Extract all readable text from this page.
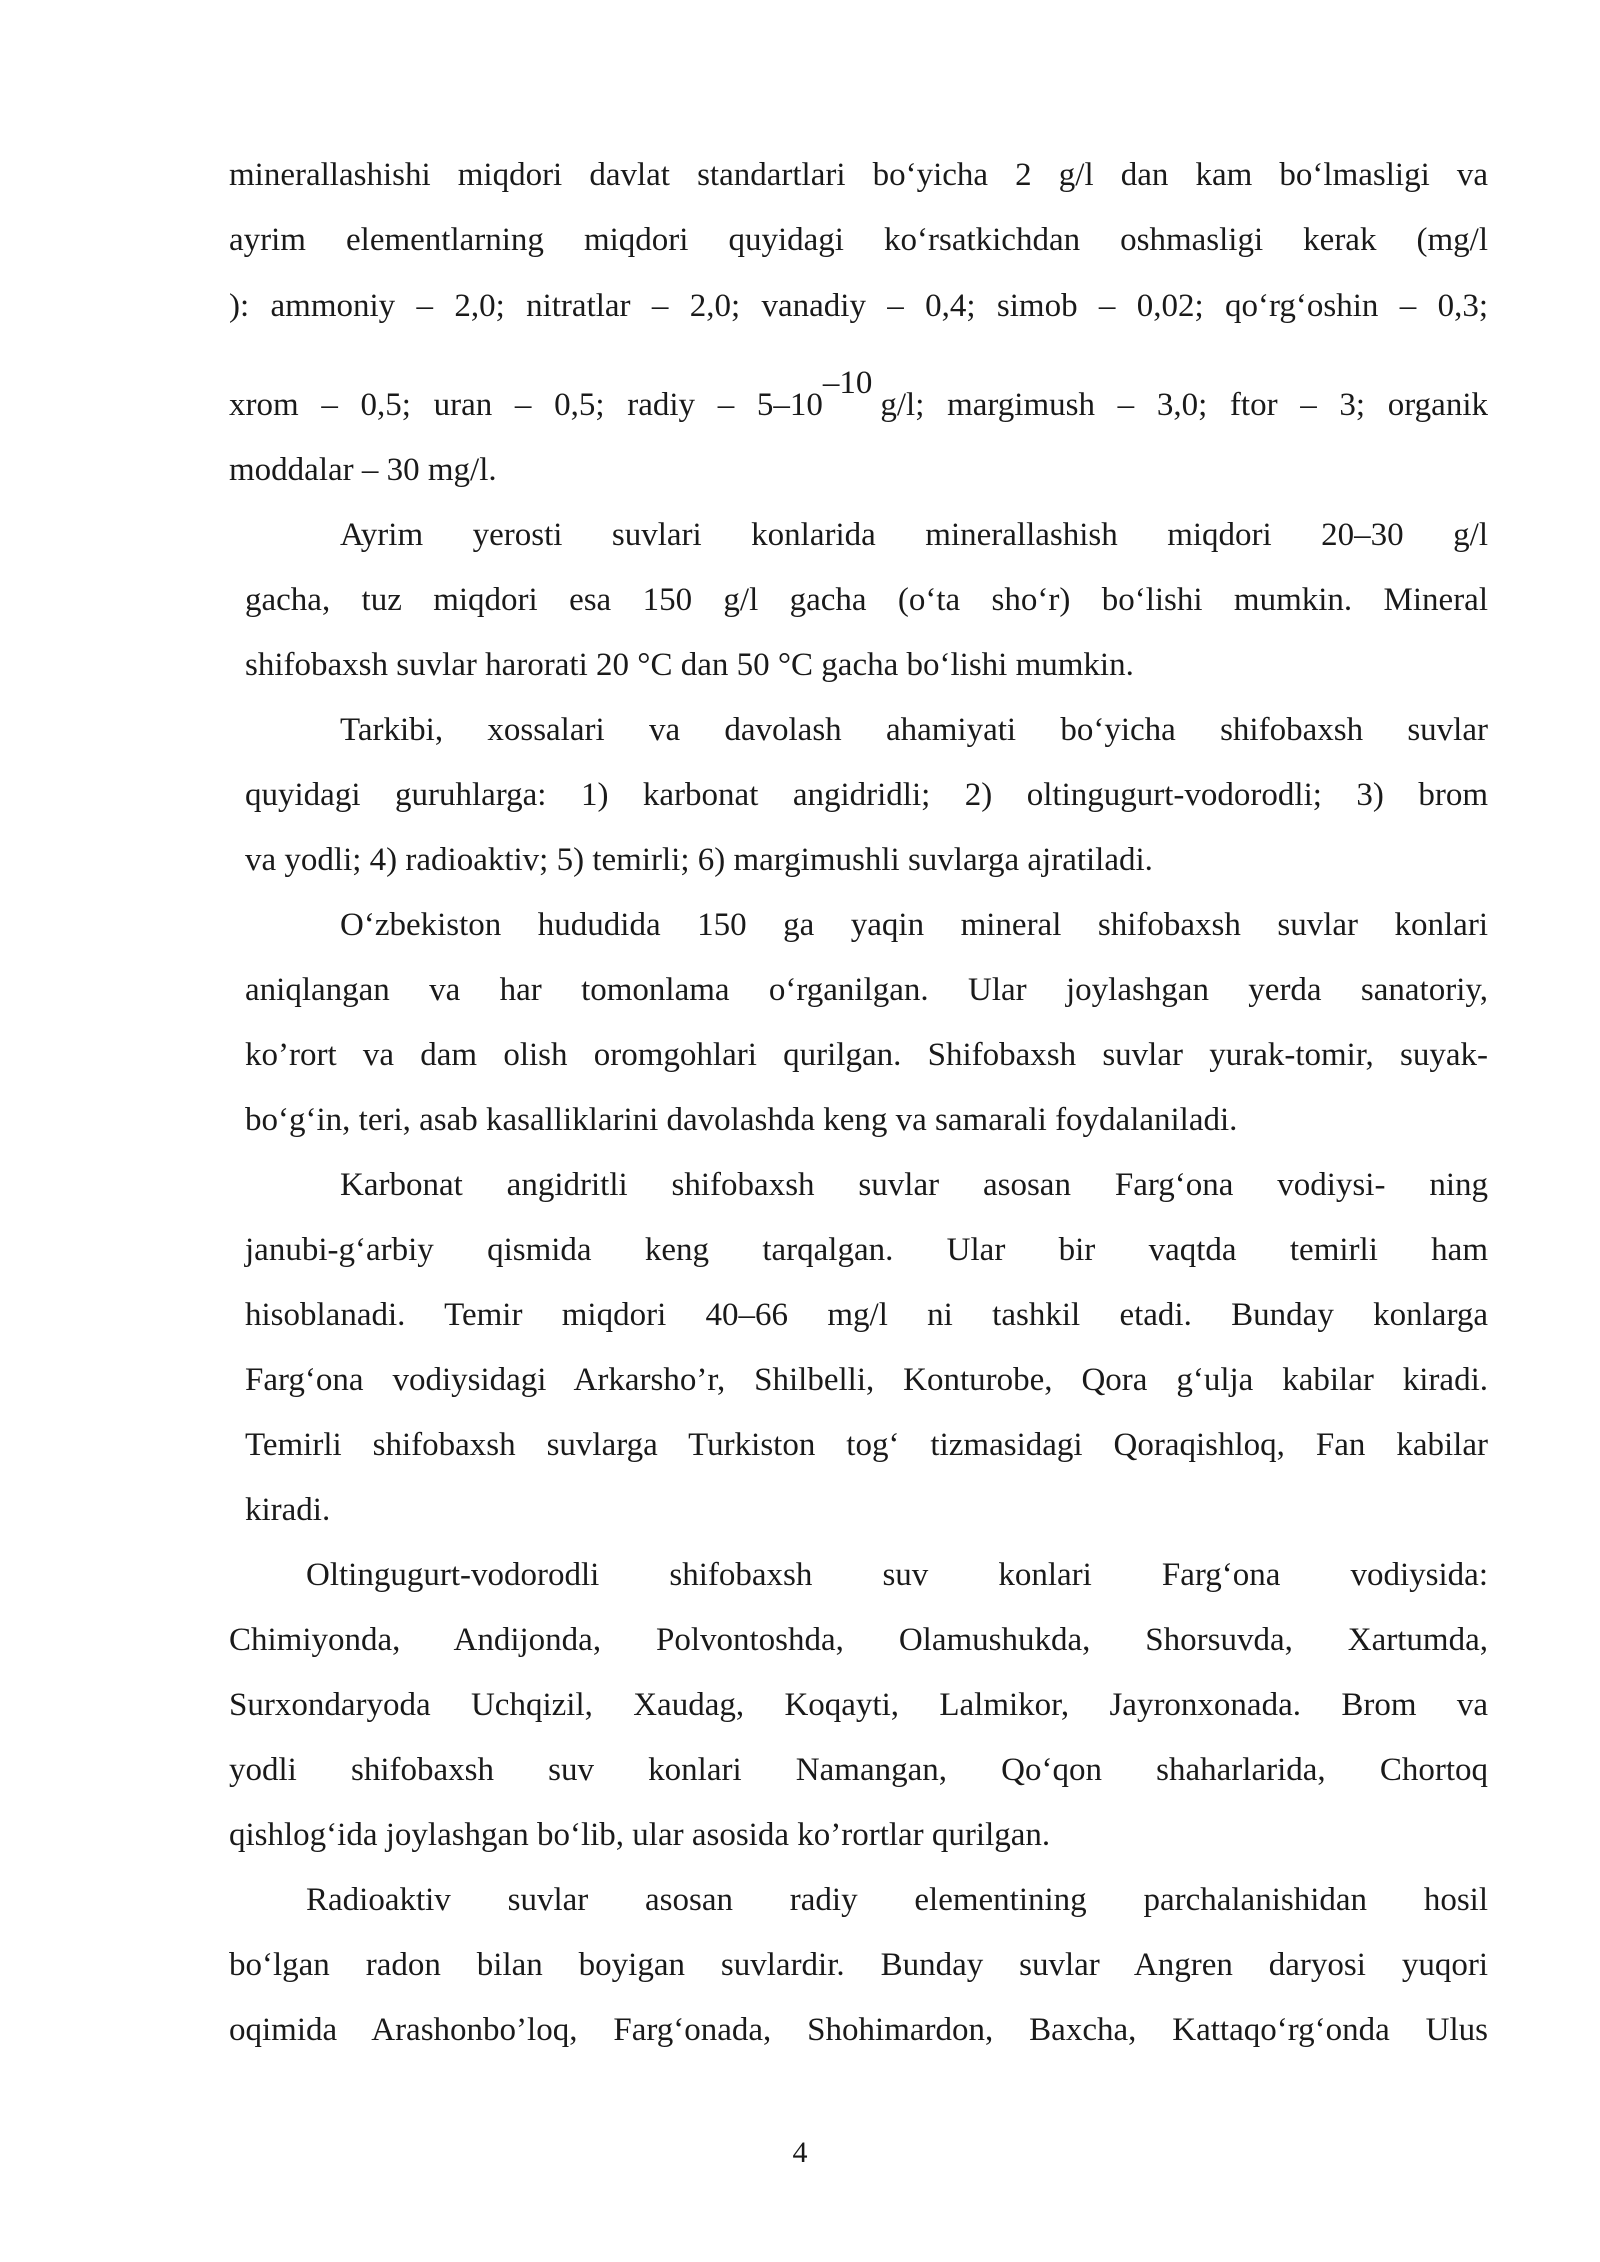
minerallashishi miqdori davlat standartlari bo‘yicha 2 g/l dan kam bo‘lmasligi va
ayrim elementlarning miqdori quyidagi ko‘rsatkichdan oshmasligi kerak (mg/l
): ammoniy – 2,0; nitratlar – 2,0; vanadiy – 0,4; simob – 0,02; qo‘rg‘oshin – 0,3;
xrom – 0,5; uran – 0,5; radiy – 5–10–10g/l; margimush – 3,0; ftor – 3; organik
moddalar – 30 mg/l.
Ayrim yerosti suvlari konlarida minerallashish miqdori 20–30 g/l
gacha, tuz miqdori esa 150 g/l gacha (o‘ta sho‘r) bo‘lishi mumkin. Mineral
shifobaxsh suvlar harorati 20 °C dan 50 °C gacha bo‘lishi mumkin.
Tarkibi, xossalari va davolash ahamiyati bo‘yicha shifobaxsh suvlar
quyidagi guruhlarga: 1) karbonat angidridli; 2) oltingugurt-vodorodli; 3) brom
va yodli; 4) radioaktiv; 5) temirli; 6) margimushli suvlarga ajratiladi.
O‘zbekiston hududida 150 ga yaqin mineral shifobaxsh suvlar konlari
aniqlangan va har tomonlama o‘rganilgan. Ular joylashgan yerda sanatoriy,
ko’rort va dam olish oromgohlari qurilgan. Shifobaxsh suvlar yurak-tomir, suyak-
bo‘g‘in, teri, asab kasalliklarini davolashda keng va samarali foydalaniladi.
Karbonat angidritli shifobaxsh suvlar asosan Farg‘ona vodiysi- ning
janubi-g‘arbiy qismida keng tarqalgan. Ular bir vaqtda temirli ham
hisoblanadi. Temir miqdori 40–66 mg/l ni tashkil etadi. Bunday konlarga
Farg‘ona vodiysidagi Arkarsho’r, Shilbelli, Konturobe, Qora g‘ulja kabilar kiradi.
Temirli shifobaxsh suvlarga Turkiston tog‘ tizmasidagi Qoraqishloq, Fan kabilar
kiradi.
Oltingugurt-vodorodli shifobaxsh suv konlari Farg‘ona vodiysida:
Chimiyonda, Andijonda, Polvontoshda, Olamushukda, Shorsuvda, Xartumda,
Surxondaryoda Uchqizil, Xaudag, Koqayti, Lalmikor, Jayronxonada. Brom va
yodli shifobaxsh suv konlari Namangan, Qo‘qon shaharlarida, Chortoq
qishlog‘ida joylashgan bo‘lib, ular asosida ko’rortlar qurilgan.
Radioaktiv suvlar asosan radiy elementining parchalanishidan hosil
bo‘lgan radon bilan boyigan suvlardir. Bunday suvlar Angren daryosi yuqori
oqimida Arashonbo’loq, Farg‘onada, Shohimardon, Baxcha, Kattaqo‘rg‘onda Ulus
4
